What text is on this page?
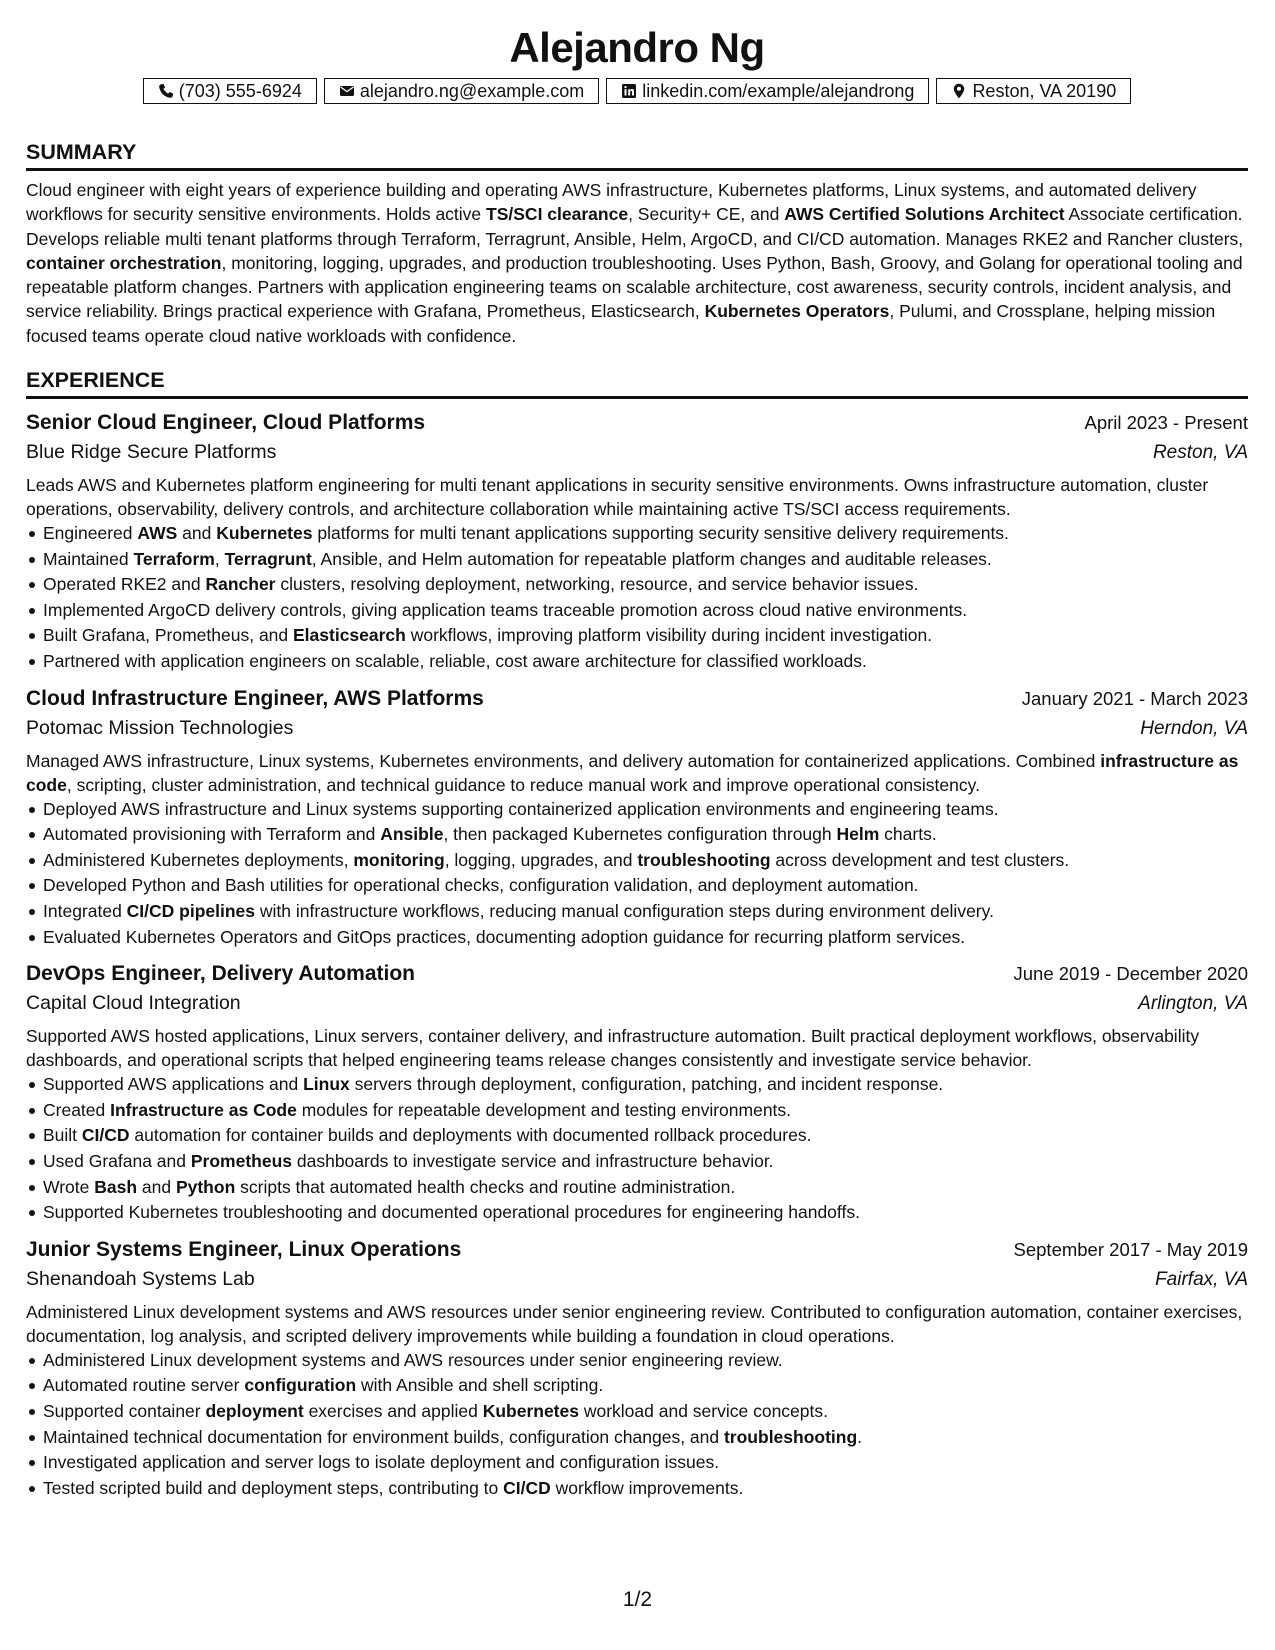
Alejandro Ng
(703) 555-6924	alejandro.ng@example.com	linkedin.com/example/alejandrong	Reston, VA 20190
SUMMARY

Cloud engineer with eight years of experience building and operating AWS infrastructure, Kubernetes platforms, Linux systems, and automated delivery workflows for security sensitive environments. Holds active TS/SCI clearance, Security+ CE, and AWS Certified Solutions Architect Associate certification. Develops reliable multi tenant platforms through Terraform, Terragrunt, Ansible, Helm, ArgoCD, and CI/CD automation. Manages RKE2 and Rancher clusters, container orchestration, monitoring, logging, upgrades, and production troubleshooting. Uses Python, Bash, Groovy, and Golang for operational tooling and repeatable platform changes. Partners with application engineering teams on scalable architecture, cost awareness, security controls, incident analysis, and service reliability. Brings practical experience with Grafana, Prometheus, Elasticsearch, Kubernetes Operators, Pulumi, and Crossplane, helping mission focused teams operate cloud native workloads with confidence.

EXPERIENCE
Senior Cloud Engineer, Cloud Platforms	April 2023 - Present
Blue Ridge Secure Platforms	Reston, VA

Leads AWS and Kubernetes platform engineering for multi tenant applications in security sensitive environments. Owns infrastructure automation, cluster operations, observability, delivery controls, and architecture collaboration while maintaining active TS/SCI access requirements.

Engineered AWS and Kubernetes platforms for multi tenant applications supporting security sensitive delivery requirements.
Maintained Terraform, Terragrunt, Ansible, and Helm automation for repeatable platform changes and auditable releases.
Operated RKE2 and Rancher clusters, resolving deployment, networking, resource, and service behavior issues.
Implemented ArgoCD delivery controls, giving application teams traceable promotion across cloud native environments.
Built Grafana, Prometheus, and Elasticsearch workflows, improving platform visibility during incident investigation.
Partnered with application engineers on scalable, reliable, cost aware architecture for classified workloads.
Cloud Infrastructure Engineer, AWS Platforms	January 2021 - March 2023
Potomac Mission Technologies	Herndon, VA

Managed AWS infrastructure, Linux systems, Kubernetes environments, and delivery automation for containerized applications. Combined infrastructure as code, scripting, cluster administration, and technical guidance to reduce manual work and improve operational consistency.

Deployed AWS infrastructure and Linux systems supporting containerized application environments and engineering teams.
Automated provisioning with Terraform and Ansible, then packaged Kubernetes configuration through Helm charts.
Administered Kubernetes deployments, monitoring, logging, upgrades, and troubleshooting across development and test clusters.
Developed Python and Bash utilities for operational checks, configuration validation, and deployment automation.
Integrated CI/CD pipelines with infrastructure workflows, reducing manual configuration steps during environment delivery.
Evaluated Kubernetes Operators and GitOps practices, documenting adoption guidance for recurring platform services.
DevOps Engineer, Delivery Automation	June 2019 - December 2020
Capital Cloud Integration	Arlington, VA

Supported AWS hosted applications, Linux servers, container delivery, and infrastructure automation. Built practical deployment workflows, observability dashboards, and operational scripts that helped engineering teams release changes consistently and investigate service behavior.

Supported AWS applications and Linux servers through deployment, configuration, patching, and incident response.
Created Infrastructure as Code modules for repeatable development and testing environments.
Built CI/CD automation for container builds and deployments with documented rollback procedures.
Used Grafana and Prometheus dashboards to investigate service and infrastructure behavior.
Wrote Bash and Python scripts that automated health checks and routine administration.
Supported Kubernetes troubleshooting and documented operational procedures for engineering handoffs.
Junior Systems Engineer, Linux Operations	September 2017 - May 2019
Shenandoah Systems Lab	Fairfax, VA

Administered Linux development systems and AWS resources under senior engineering review. Contributed to configuration automation, container exercises, documentation, log analysis, and scripted delivery improvements while building a foundation in cloud operations.

Administered Linux development systems and AWS resources under senior engineering review.
Automated routine server configuration with Ansible and shell scripting.
Supported container deployment exercises and applied Kubernetes workload and service concepts.
Maintained technical documentation for environment builds, configuration changes, and troubleshooting.
Investigated application and server logs to isolate deployment and configuration issues.
Tested scripted build and deployment steps, contributing to CI/CD workflow improvements.
1/2
